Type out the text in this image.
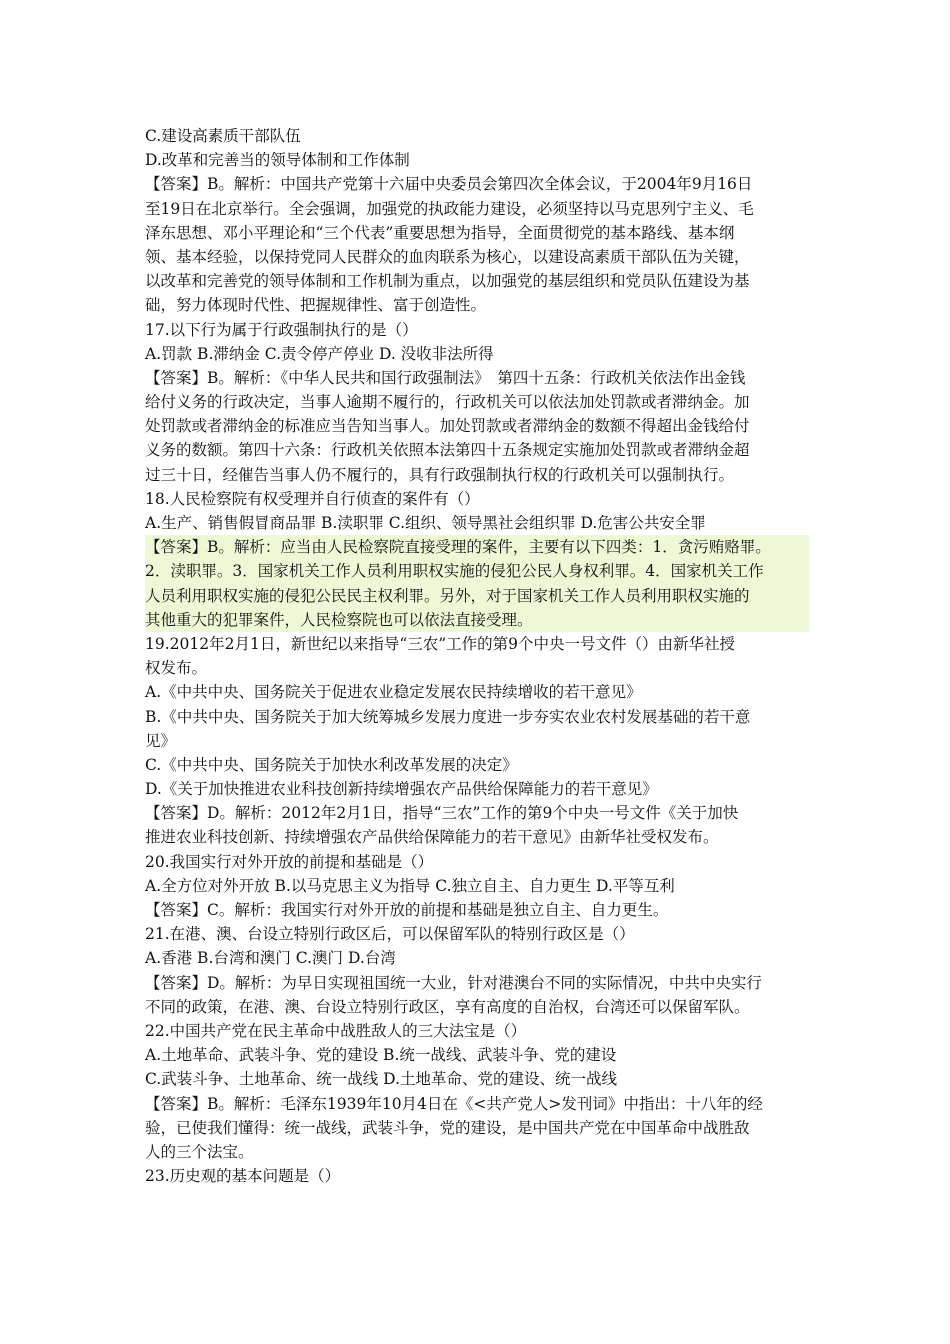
C.建设高素质干部队伍
D.改革和完善当的领导体制和工作体制
【答案】B。解析：中国共产党第十六届中央委员会第四次全体会议，于2004年9月16日
至19日在北京举行。全会强调，加强党的执政能力建设，必须坚持以马克思列宁主义、毛
泽东思想、邓小平理论和“三个代表”重要思想为指导，全面贯彻党的基本路线、基本纲
领、基本经验，以保持党同人民群众的血肉联系为核心，以建设高素质干部队伍为关键，
以改革和完善党的领导体制和工作机制为重点，以加强党的基层组织和党员队伍建设为基
础，努力体现时代性、把握规律性、富于创造性。
17.以下行为属于行政强制执行的是（）
A.罚款 B.滞纳金 C.责令停产停业 D. 没收非法所得
【答案】B。解析：《中华人民共和国行政强制法》　第四十五条：行政机关依法作出金钱
给付义务的行政决定，当事人逾期不履行的，行政机关可以依法加处罚款或者滞纳金。加
处罚款或者滞纳金的标准应当告知当事人。加处罚款或者滞纳金的数额不得超出金钱给付
义务的数额。第四十六条：行政机关依照本法第四十五条规定实施加处罚款或者滞纳金超
过三十日，经催告当事人仍不履行的，具有行政强制执行权的行政机关可以强制执行。
18.人民检察院有权受理并自行侦查的案件有（）
A.生产、销售假冒商品罪 B.渎职罪 C.组织、领导黑社会组织罪 D.危害公共安全罪
【答案】B。解析：应当由人民检察院直接受理的案件，主要有以下四类：1．贪污贿赂罪。
2．渎职罪。3．国家机关工作人员利用职权实施的侵犯公民人身权利罪。4．国家机关工作
人员利用职权实施的侵犯公民民主权利罪。另外，对于国家机关工作人员利用职权实施的
其他重大的犯罪案件，人民检察院也可以依法直接受理。
19.2012年2月1日，新世纪以来指导“三农”工作的第9个中央一号文件（）由新华社授
权发布。
A.《中共中央、国务院关于促进农业稳定发展农民持续增收的若干意见》
B.《中共中央、国务院关于加大统筹城乡发展力度进一步夯实农业农村发展基础的若干意
见》
C.《中共中央、国务院关于加快水利改革发展的决定》
D.《关于加快推进农业科技创新持续增强农产品供给保障能力的若干意见》
【答案】D。解析：2012年2月1日，指导“三农”工作的第9个中央一号文件《关于加快
推进农业科技创新、持续增强农产品供给保障能力的若干意见》由新华社受权发布。
20.我国实行对外开放的前提和基础是（）
A.全方位对外开放 B.以马克思主义为指导 C.独立自主、自力更生 D.平等互利
【答案】C。解析：我国实行对外开放的前提和基础是独立自主、自力更生。
21.在港、澳、台设立特别行政区后，可以保留军队的特别行政区是（）
A.香港 B.台湾和澳门 C.澳门 D.台湾
【答案】D。解析：为早日实现祖国统一大业，针对港澳台不同的实际情况，中共中央实行
不同的政策，在港、澳、台设立特别行政区，享有高度的自治权，台湾还可以保留军队。
22.中国共产党在民主革命中战胜敌人的三大法宝是（）
A.土地革命、武装斗争、党的建设 B.统一战线、武装斗争、党的建设
C.武装斗争、土地革命、统一战线 D.土地革命、党的建设、统一战线
【答案】B。解析：毛泽东1939年10月4日在《<共产党人>发刊词》中指出：十八年的经
验，已使我们懂得：统一战线，武装斗争，党的建设，是中国共产党在中国革命中战胜敌
人的三个法宝。
23.历史观的基本问题是（）
